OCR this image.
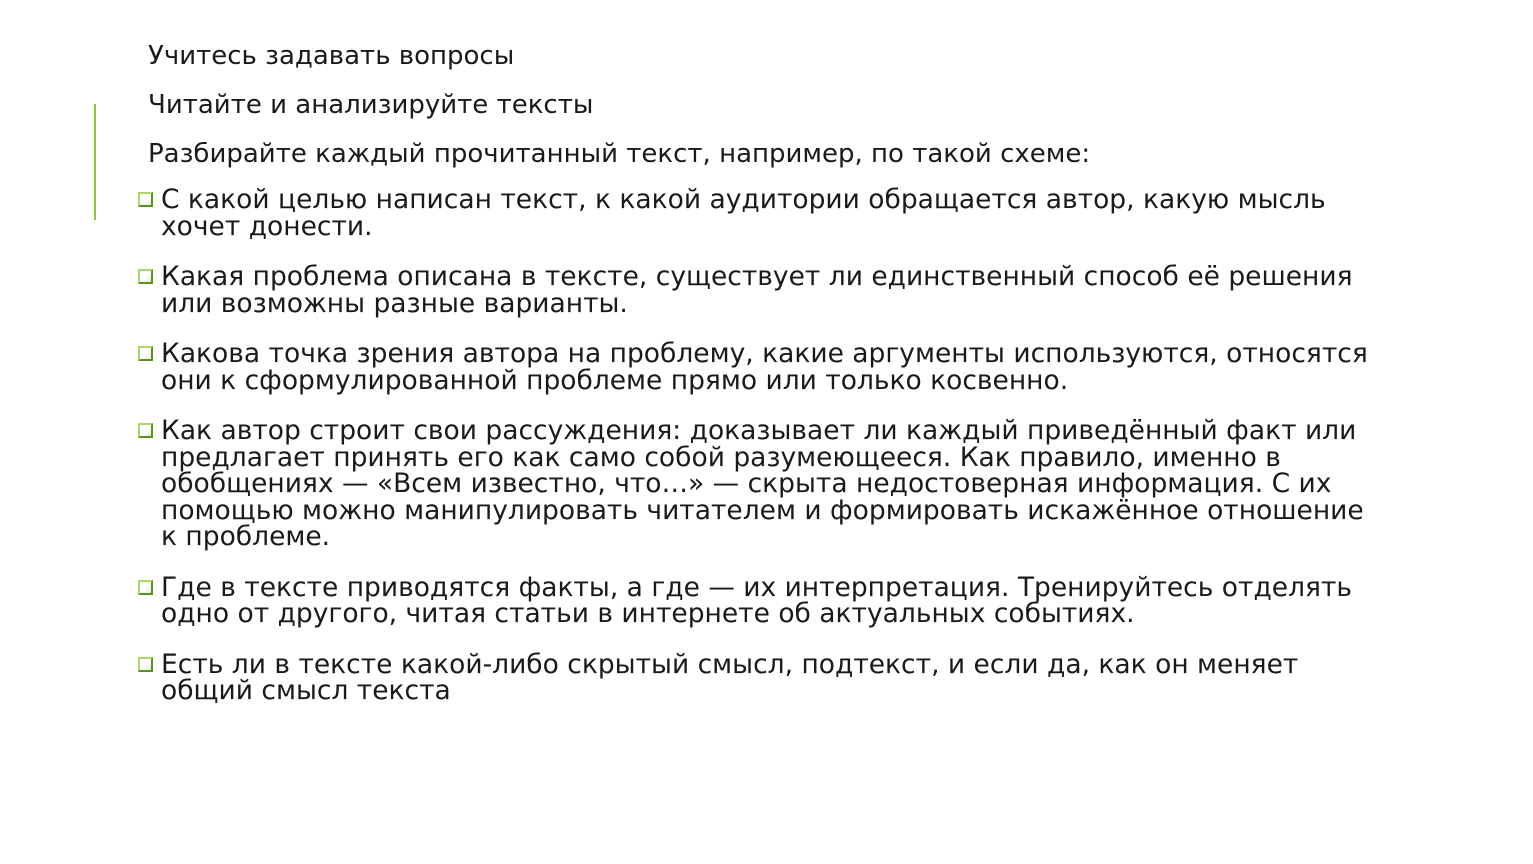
Учитесь задавать вопросы
Читайте и анализируйте тексты
Разбирайте каждый прочитанный текст, например, по такой схеме:
С какой целью написан текст, к какой аудитории обращается автор, какую мысль хочет донести.
Какая проблема описана в тексте, существует ли единственный способ её решения или возможны разные варианты.
Какова точка зрения автора на проблему, какие аргументы используются, относятся они к сформулированной проблеме прямо или только косвенно.
Как автор строит свои рассуждения: доказывает ли каждый приведённый факт или предлагает принять его как само собой разумеющееся. Как правило, именно в обобщениях — «Всем известно, что…» — скрыта недостоверная информация. С их помощью можно манипулировать читателем и формировать искажённое отношение к проблеме.
Где в тексте приводятся факты, а где — их интерпретация. Тренируйтесь отделять одно от другого, читая статьи в интернете об актуальных событиях.
Есть ли в тексте какой-либо скрытый смысл, подтекст, и если да, как он меняет общий смысл текста
